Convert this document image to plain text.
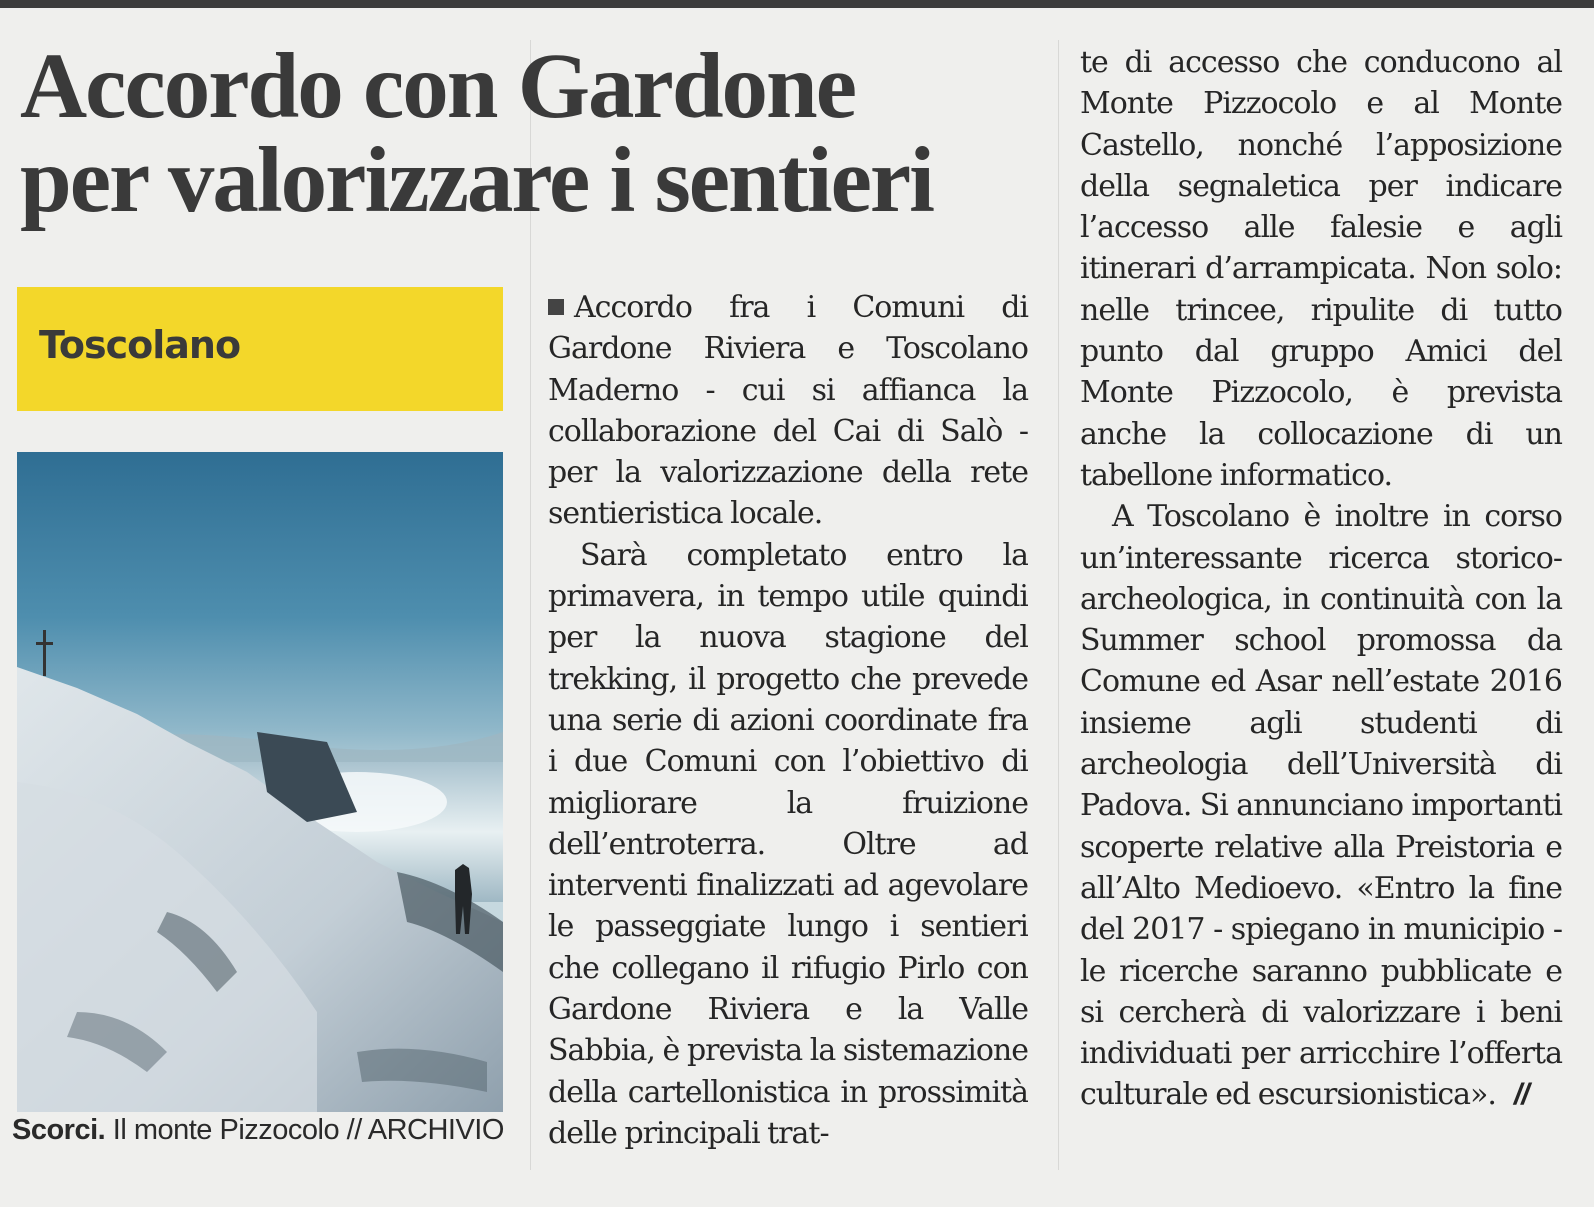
Accordo con Gardone
per valorizzare i sentieri
Toscolano
Scorci. Il monte Pizzocolo // ARCHIVIO

Accordo fra i Comuni di Gardone Riviera e Toscolano Maderno - cui si affianca la collaborazione del Cai di Salò - per la valorizzazione della rete sentieristica locale.

Sarà completato entro la primavera, in tempo utile quindi per la nuova stagione del trekking, il progetto che prevede una serie di azioni coordinate fra i due Comuni con l’obiettivo di migliorare la fruizione dell’entroterra. Oltre ad interventi finalizzati ad agevolare le passeggiate lungo i sentieri che collegano il rifugio Pirlo con Gardone Riviera e la Valle Sabbia, è prevista la sistemazione della cartellonistica in prossimità delle principali trat-

te di accesso che conducono al Monte Pizzocolo e al Monte Castello, nonché l’apposizione della segnaletica per indicare l’accesso alle falesie e agli itinerari d’arrampicata. Non solo: nelle trincee, ripulite di tutto punto dal gruppo Amici del Monte Pizzocolo, è prevista anche la collocazione di un tabellone informatico.

A Toscolano è inoltre in corso un’interessante ricerca storico-archeologica, in continuità con la Summer school promossa da Comune ed Asar nell’estate 2016 insieme agli studenti di archeologia dell’Università di Padova. Si annunciano importanti scoperte relative alla Preistoria e all’Alto Medioevo. «Entro la fine del 2017 - spiegano in municipio - le ricerche saranno pubblicate e si cercherà di valorizzare i beni individuati per arricchire l’offerta culturale ed escursionistica». //
